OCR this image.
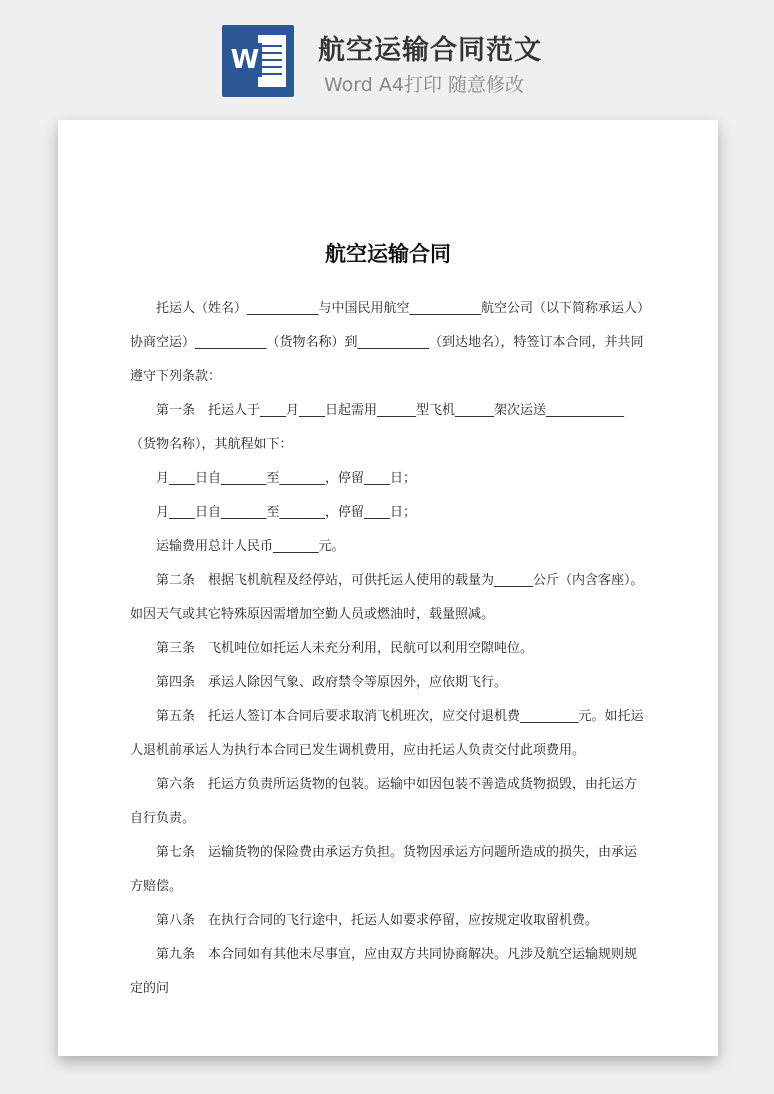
W 航空运输合同范文
Word A4打印 随意修改
航空运输合同

托运人（姓名）___________与中国民用航空___________航空公司（以下简称承运人）协商空运）___________（货物名称）到___________（到达地名），特签订本合同，并共同遵守下列条款：

第一条　托运人于____月____日起需用______型飞机______架次运送____________（货物名称），其航程如下：

月____日自_______至_______，停留____日；

月____日自_______至_______，停留____日；

运输费用总计人民币_______元。

第二条　根据飞机航程及经停站，可供托运人使用的载量为______公斤（内含客座）。如因天气或其它特殊原因需增加空勤人员或燃油时，载量照减。

第三条　飞机吨位如托运人未充分利用，民航可以利用空隙吨位。

第四条　承运人除因气象、政府禁令等原因外，应依期飞行。

第五条　托运人签订本合同后要求取消飞机班次，应交付退机费_________元。如托运人退机前承运人为执行本合同已发生调机费用，应由托运人负责交付此项费用。

第六条　托运方负责所运货物的包装。运输中如因包装不善造成货物损毁，由托运方自行负责。

第七条　运输货物的保险费由承运方负担。货物因承运方问题所造成的损失，由承运方赔偿。

第八条　在执行合同的飞行途中，托运人如要求停留，应按规定收取留机费。

第九条　本合同如有其他未尽事宜，应由双方共同协商解决。凡涉及航空运输规则规定的问
